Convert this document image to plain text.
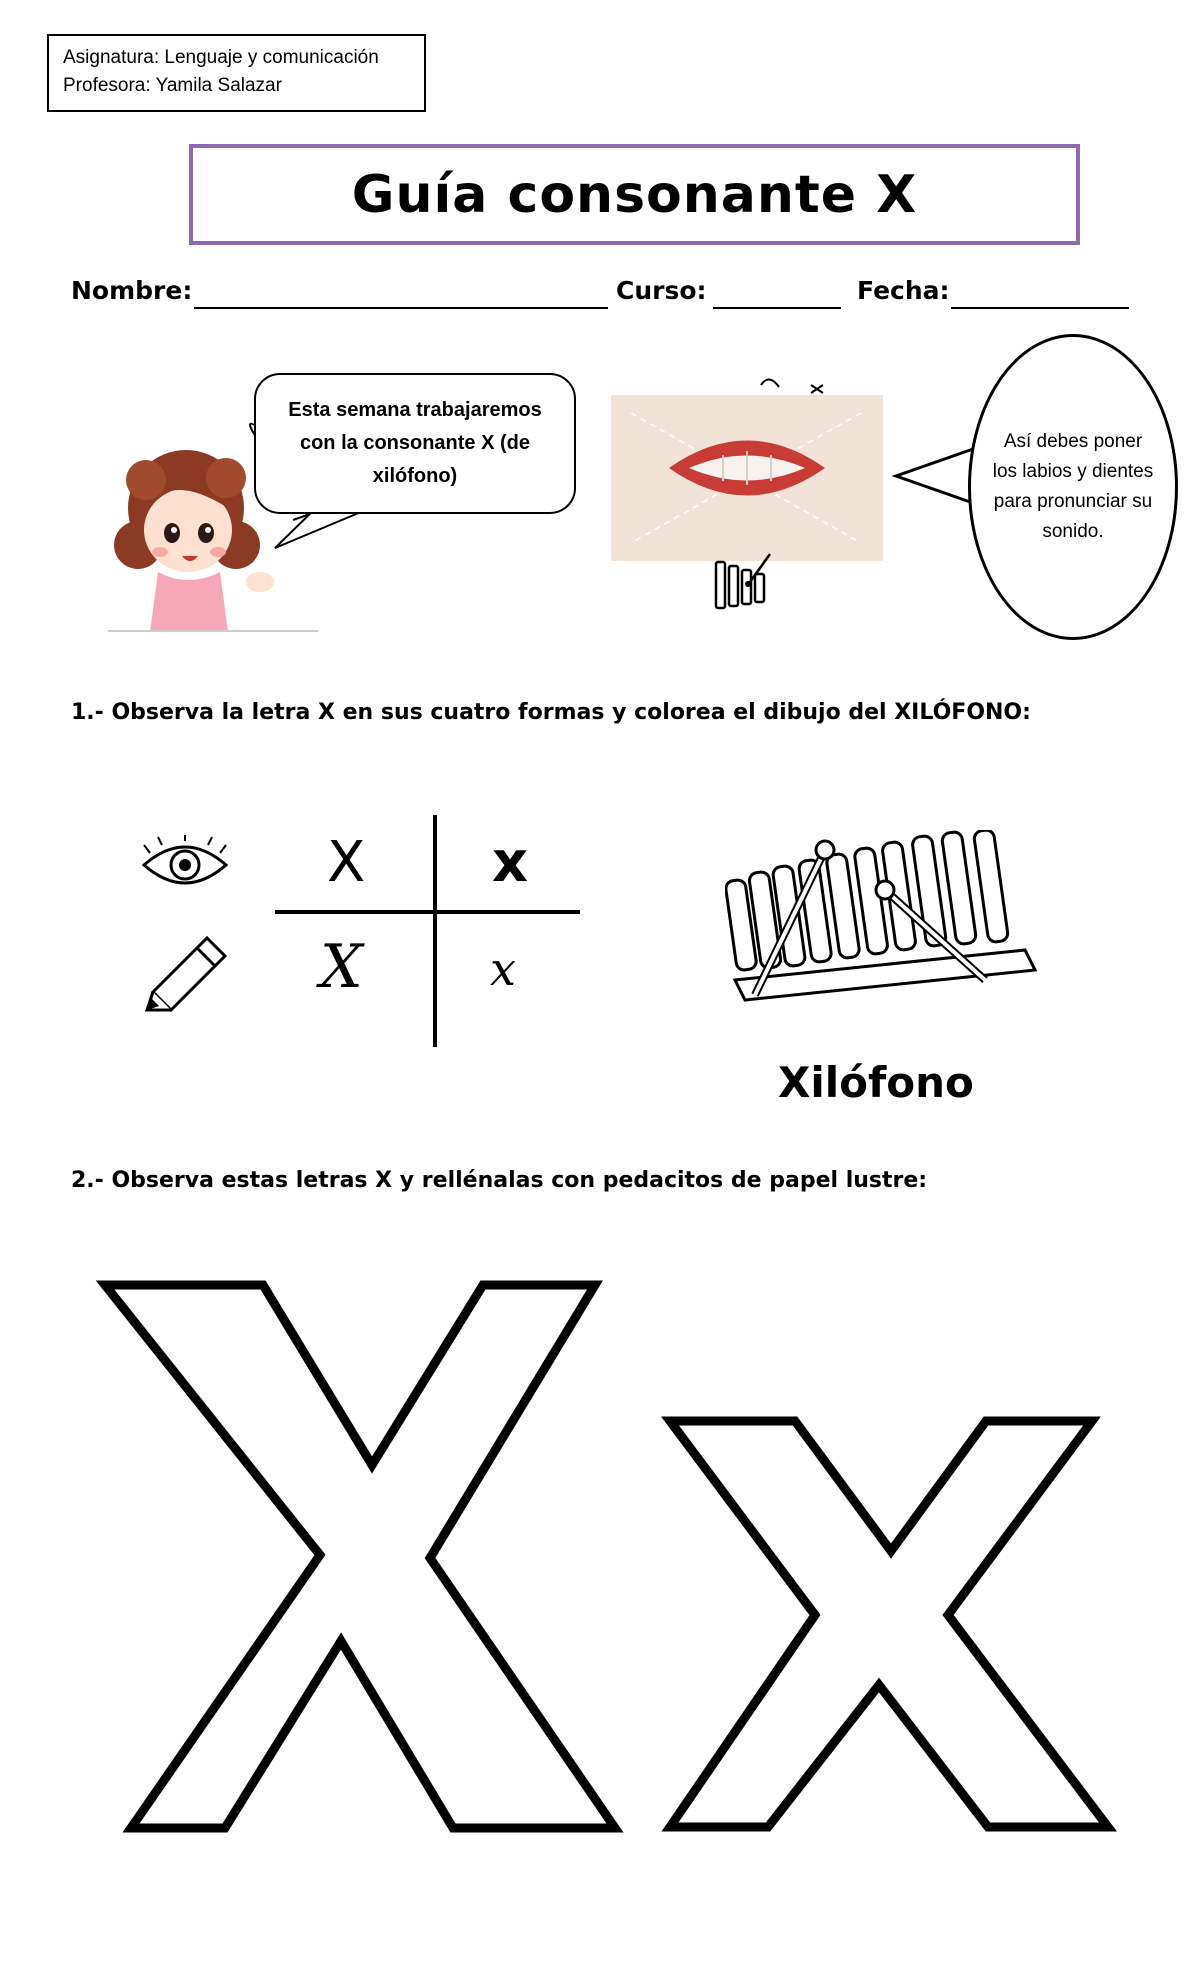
Asignatura: Lenguaje y comunicación
Profesora: Yamila Salazar
Guía consonante X
Nombre:	Curso:	Fecha:
Esta semana trabajaremos con la consonante X (de xilófono)
Así debes poner los labios y dientes para pronunciar su sonido.
1.- Observa la letra X en sus cuatro formas y colorea el dibujo del XILÓFONO:
X x
X	x
Xilófono
2.- Observa estas letras X y rellénalas con pedacitos de papel lustre:
